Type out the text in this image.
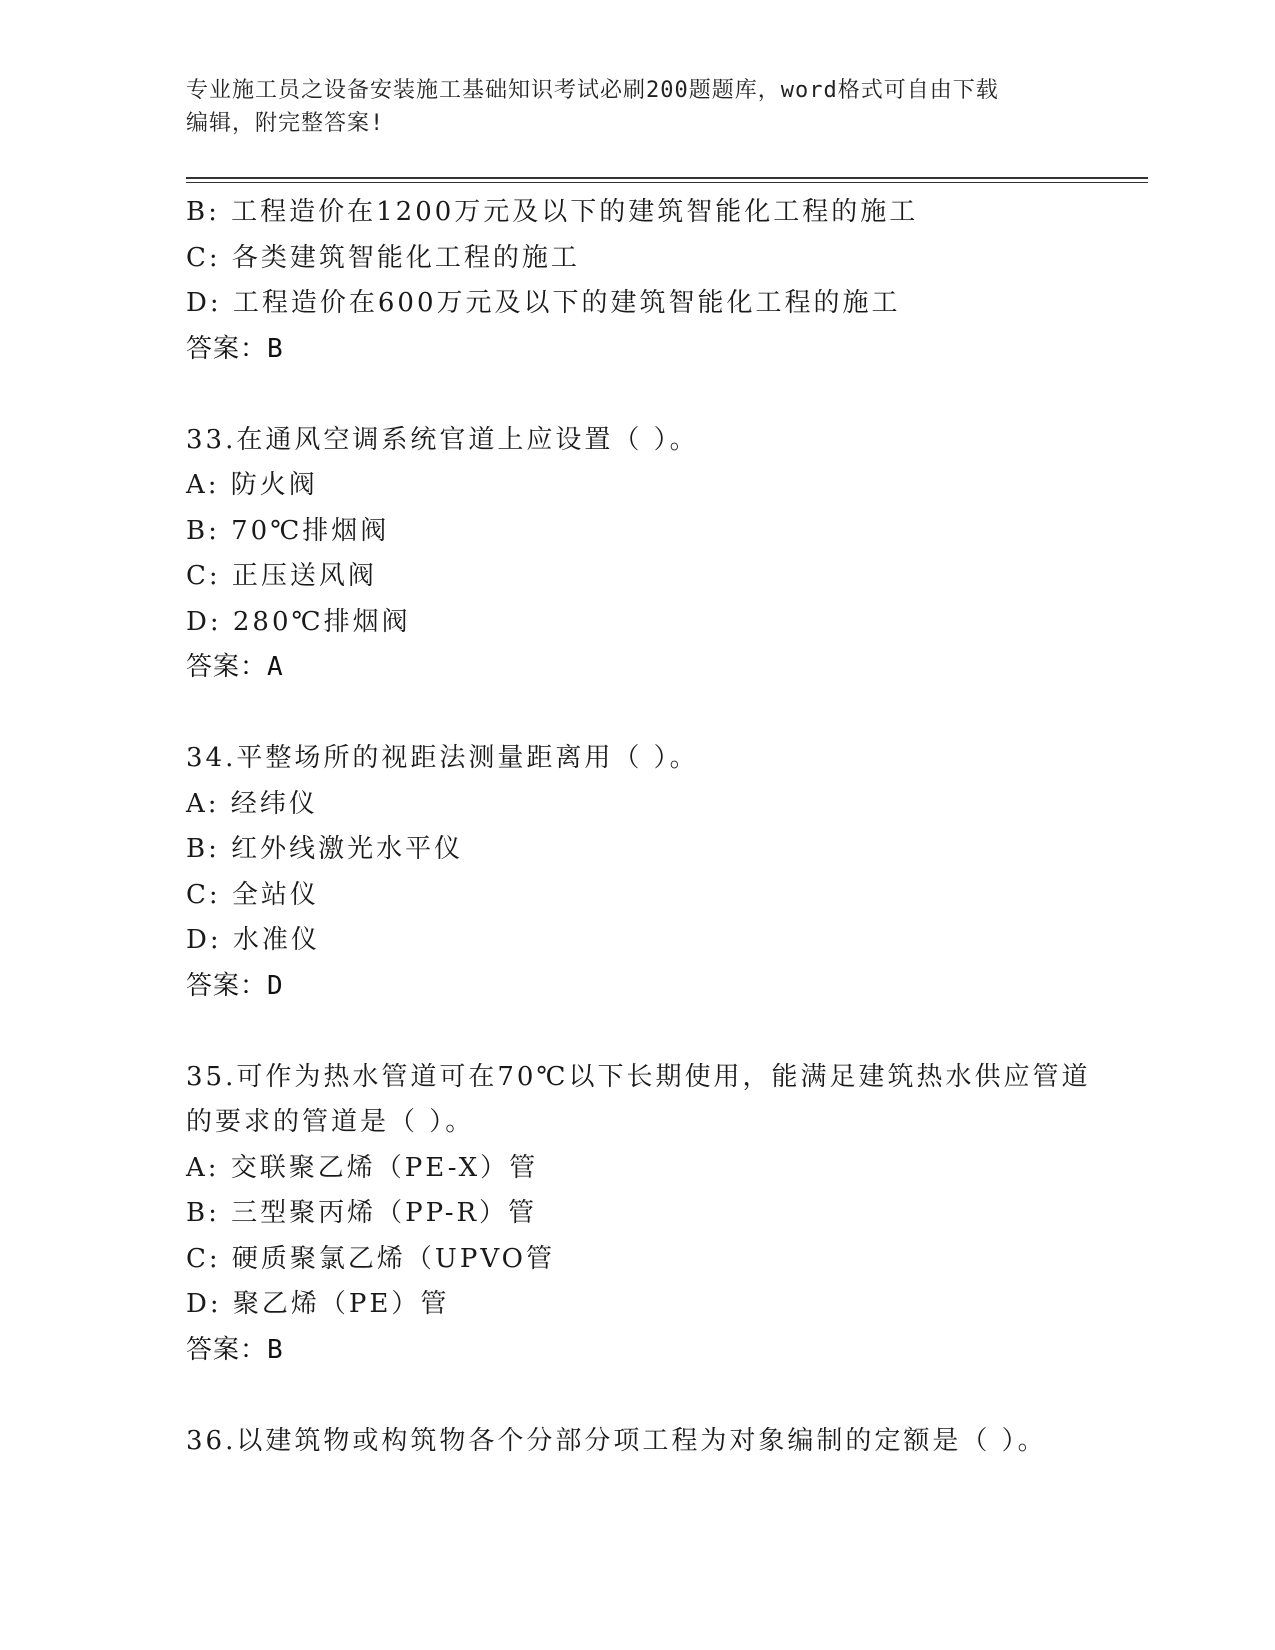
专业施工员之设备安装施工基础知识考试必刷200题题库，word格式可自由下载
编辑，附完整答案!
B: 工程造价在1200万元及以下的建筑智能化工程的施工
C: 各类建筑智能化工程的施工
D: 工程造价在600万元及以下的建筑智能化工程的施工
答案：B
33.在通风空调系统官道上应设置（ ）。
A: 防火阀
B: 70℃排烟阀
C: 正压送风阀
D: 280℃排烟阀
答案：A
34.平整场所的视距法测量距离用（ ）。
A: 经纬仪
B: 红外线激光水平仪
C: 全站仪
D: 水准仪
答案：D
35.可作为热水管道可在70℃以下长期使用，能满足建筑热水供应管道
的要求的管道是（ ）。
A: 交联聚乙烯（PE-X）管
B: 三型聚丙烯（PP-R）管
C: 硬质聚氯乙烯（UPVO管
D: 聚乙烯（PE）管
答案：B
36.以建筑物或构筑物各个分部分项工程为对象编制的定额是（ ）。
